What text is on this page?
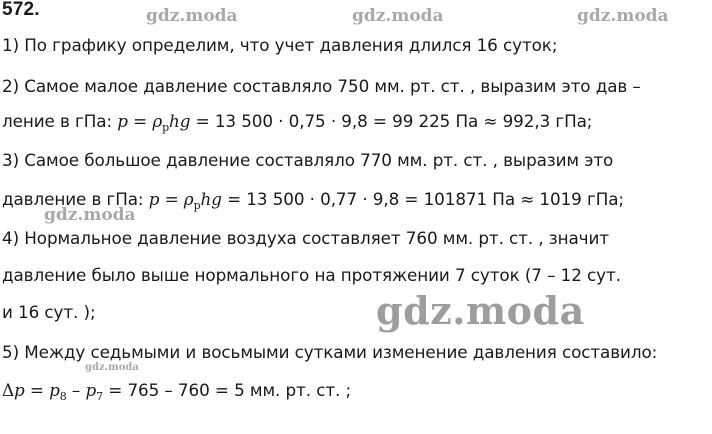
gdz.moda	gdz.moda	gdz.moda
gdz.moda
gdz.moda
gdz.moda
572.
1) По графику определим, что учет давления длился 16 суток;
2) Самое малое давление составляло 750 мм. рт. ст. , выразим это дав –
ление в гПа: $p = \rho_рhg = 13$ 500 · 0,75 · 9,8 = 99 225 Па ≈ 992,3 гПа;
3) Самое большое давление составляло 770 мм. рт. ст. , выразим это
давление в гПа: $p = \rho_рhg = 13$ 500 · 0,77 · 9,8 = 101871 Па ≈ 1019 гПа;
4) Нормальное давление воздуха составляет 760 мм. рт. ст. , значит
давление было выше нормального на протяжении 7 суток (7 – 12 сут.
и 16 сут. );
5) Между седьмыми и восьмыми сутками изменение давления составило:
$\Delta p = p_8 - p_7 = 765 - 760 = 5$ мм. рт. ст. ;
